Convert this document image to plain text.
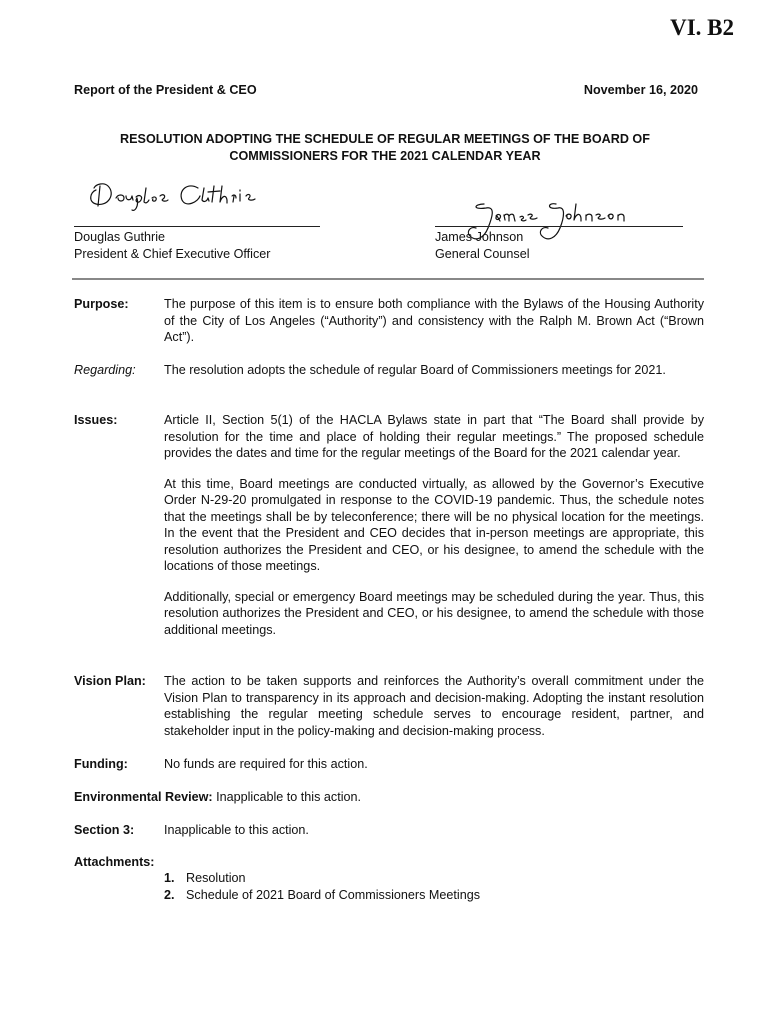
VI. B2
Report of the President & CEO	November 16, 2020
RESOLUTION ADOPTING THE SCHEDULE OF REGULAR MEETINGS OF THE BOARD OF COMMISSIONERS FOR THE 2021 CALENDAR YEAR
Douglas Guthrie
President & Chief Executive Officer
James Johnson
General Counsel
Purpose:	The purpose of this item is to ensure both compliance with the Bylaws of the Housing Authority of the City of Los Angeles (“Authority”) and consistency with the Ralph M. Brown Act (“Brown Act”).
Regarding: The resolution adopts the schedule of regular Board of Commissioners meetings for 2021.
Issues:	Article II, Section 5(1) of the HACLA Bylaws state in part that “The Board shall provide by resolution for the time and place of holding their regular meetings.” The proposed schedule provides the dates and time for the regular meetings of the Board for the 2021 calendar year.

At this time, Board meetings are conducted virtually, as allowed by the Governor’s Executive Order N-29-20 promulgated in response to the COVID-19 pandemic. Thus, the schedule notes that the meetings shall be by teleconference; there will be no physical location for the meetings. In the event that the President and CEO decides that in-person meetings are appropriate, this resolution authorizes the President and CEO, or his designee, to amend the schedule with the locations of those meetings.

Additionally, special or emergency Board meetings may be scheduled during the year. Thus, this resolution authorizes the President and CEO, or his designee, to amend the schedule with those additional meetings.

Vision Plan: The action to be taken supports and reinforces the Authority’s overall commitment under the Vision Plan to transparency in its approach and decision-making. Adopting the instant resolution establishing the regular meeting schedule serves to encourage resident, partner, and stakeholder input in the policy-making and decision-making process.
Funding:	No funds are required for this action.
Environmental Review: Inapplicable to this action.
Section 3: Inapplicable to this action.
Attachments:
1. Resolution
2. Schedule of 2021 Board of Commissioners Meetings
